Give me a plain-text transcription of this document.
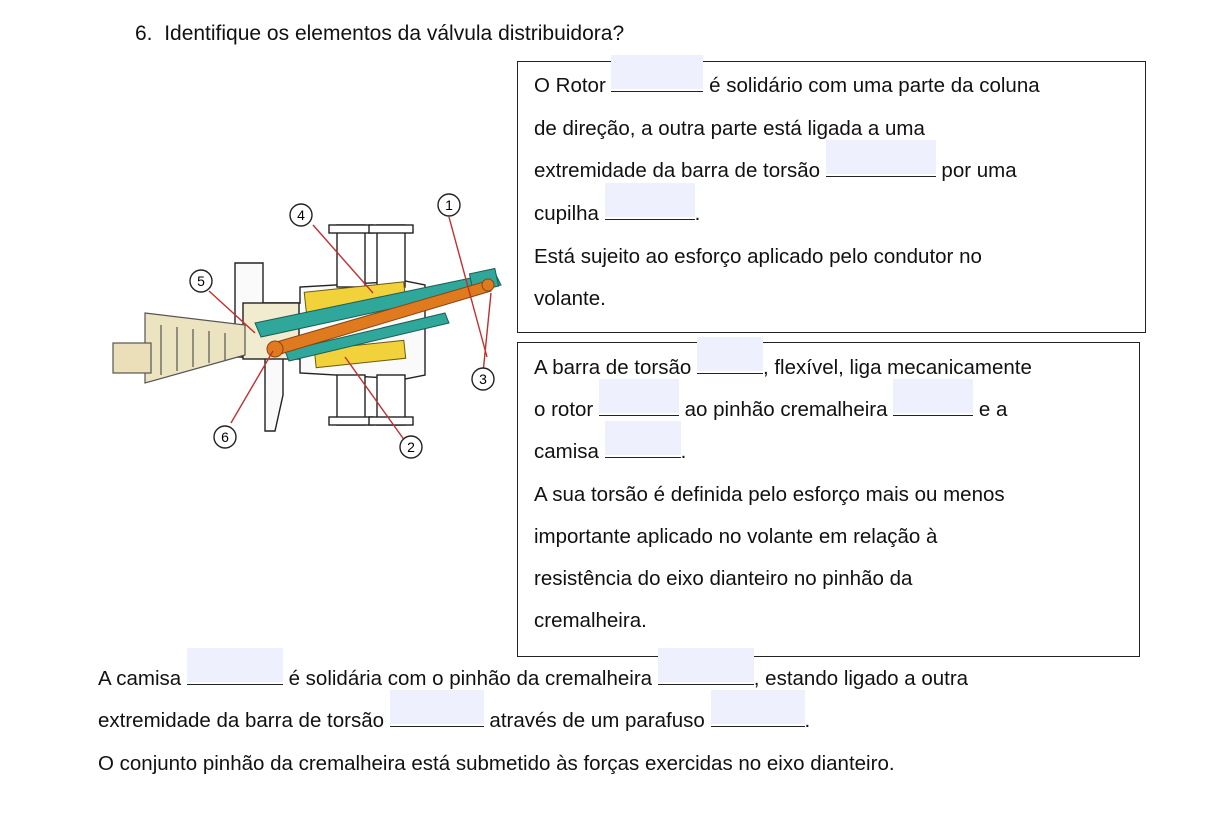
6. Identifique os elementos da válvula distribuidora?
1
2
3
4
5
6
O Rotor	é solidário com uma parte da coluna
de direção, a outra parte está ligada a uma
extremidade da barra de torsão	por uma
cupilha	.
Está sujeito ao esforço aplicado pelo condutor no
volante.
A barra de torsão	, flexível, liga mecanicamente
o rotor	ao pinhão cremalheira	e a
camisa	.
A sua torsão é definida pelo esforço mais ou menos
importante aplicado no volante em relação à
resistência do eixo dianteiro no pinhão da
cremalheira.
A camisa	é solidária com o pinhão da cremalheira	, estando ligado a outra
extremidade da barra de torsão	através de um parafuso	.
O conjunto pinhão da cremalheira está submetido às forças exercidas no eixo dianteiro.
